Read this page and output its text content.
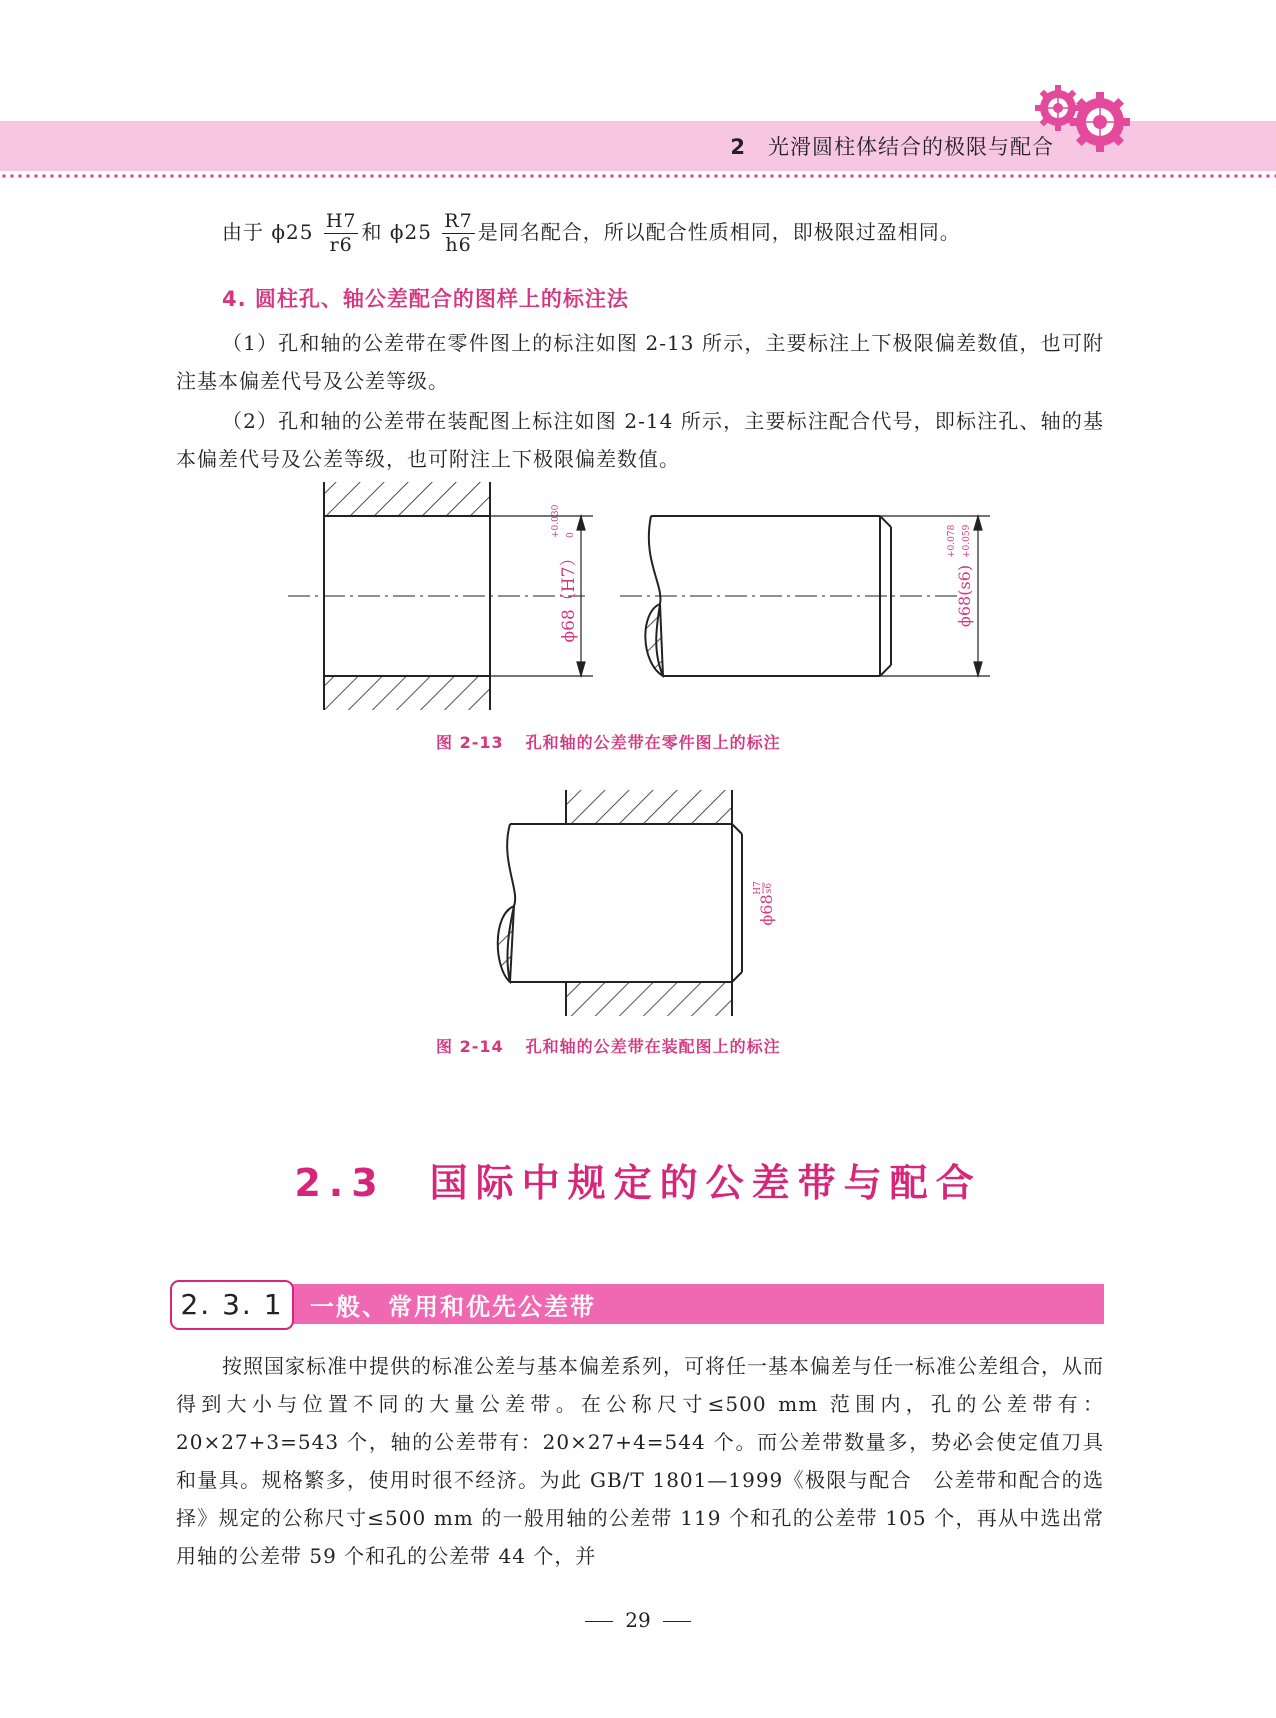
2 光滑圆柱体结合的极限与配合

由于 $\phi 25 \frac{H7}{r6}$ 和 $\phi 25 \frac{R7}{h6}$ 是同名配合，所以配合性质相同，即极限过盈相同。

4. 圆柱孔、轴公差配合的图样上的标注法

（1）孔和轴的公差带在零件图上的标注如图 2-13 所示，主要标注上下极限偏差数值，也可附注基本偏差代号及公差等级。

（2）孔和轴的公差带在装配图上标注如图 2-14 所示，主要标注配合代号，即标注孔、轴的基本偏差代号及公差等级，也可附注上下极限偏差数值。

ϕ68（H7）
+0.030 0
ϕ68(s6)
+0.078 +0.059
图 2-13 孔和轴的公差带在零件图上的标注
ϕ68
H7 s6
图 2-14 孔和轴的公差带在装配图上的标注
2.3 国际中规定的公差带与配合
2. 3. 1	一般、常用和优先公差带

按照国家标准中提供的标准公差与基本偏差系列，可将任一基本偏差与任一标准公差组合，从而得到大小与位置不同的大量公差带。在公称尺寸≤500 mm 范围内，孔的公差带有：20×27+3=543 个，轴的公差带有：20×27+4=544 个。而公差带数量多，势必会使定值刀具和量具。规格繁多，使用时很不经济。为此 GB/T 1801—1999《极限与配合　公差带和配合的选择》规定的公称尺寸≤500 mm 的一般用轴的公差带 119 个和孔的公差带 105 个，再从中选出常用轴的公差带 59 个和孔的公差带 44 个，并

29
